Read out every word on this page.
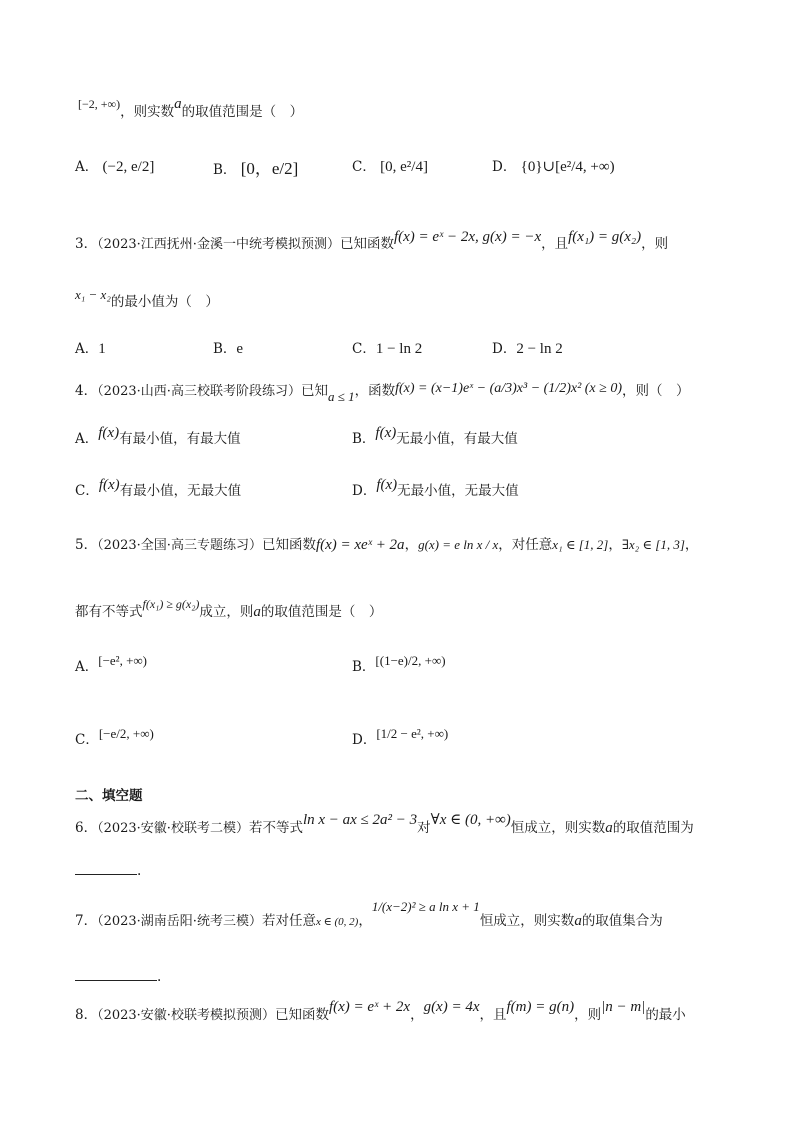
[−2, +∞)，则实数a的取值范围是（　）
A． (−2, e/2]	B． [0，e/2]	C． [0, e²/4]	D． {0}∪[e²/4, +∞)
3．（2023·江西抚州·金溪一中统考模拟预测）已知函数f(x) = eˣ − 2x, g(x) = −x，且f(x₁) = g(x₂)，则
x₁ − x₂的最小值为（　）
A．1	B．e	C．1 − ln 2	D．2 − ln 2
4．（2023·山西·高三校联考阶段练习）已知a ≤ 1，函数f(x) = (x−1)eˣ − (a/3)x³ − (1/2)x² (x ≥ 0)，则（　）
A．f(x)有最小值，有最大值	B．f(x)无最小值，有最大值
C．f(x)有最小值，无最大值	D．f(x)无最小值，无最大值
5．（2023·全国·高三专题练习）已知函数f(x) = xeˣ + 2a，g(x) = e ln x / x，对任意x₁ ∈ [1, 2]，∃x₂ ∈ [1, 3]，
都有不等式f(x₁) ≥ g(x₂)成立，则a的取值范围是（　）
A．[−e², +∞)	B．[(1−e)/2, +∞)
C．[−e/2, +∞)	D．[1/2 − e², +∞)
二、填空题
6．（2023·安徽·校联考二模）若不等式ln x − ax ≤ 2a² − 3对∀x ∈ (0, +∞)恒成立，则实数a的取值范围为
.
7．（2023·湖南岳阳·统考三模）若对任意x ∈ (0, 2)，1/(x−2)² ≥ a ln x + 1恒成立，则实数a的取值集合为
.
8．（2023·安徽·校联考模拟预测）已知函数f(x) = eˣ + 2x，g(x) = 4x，且f(m) = g(n)，则|n − m|的最小
